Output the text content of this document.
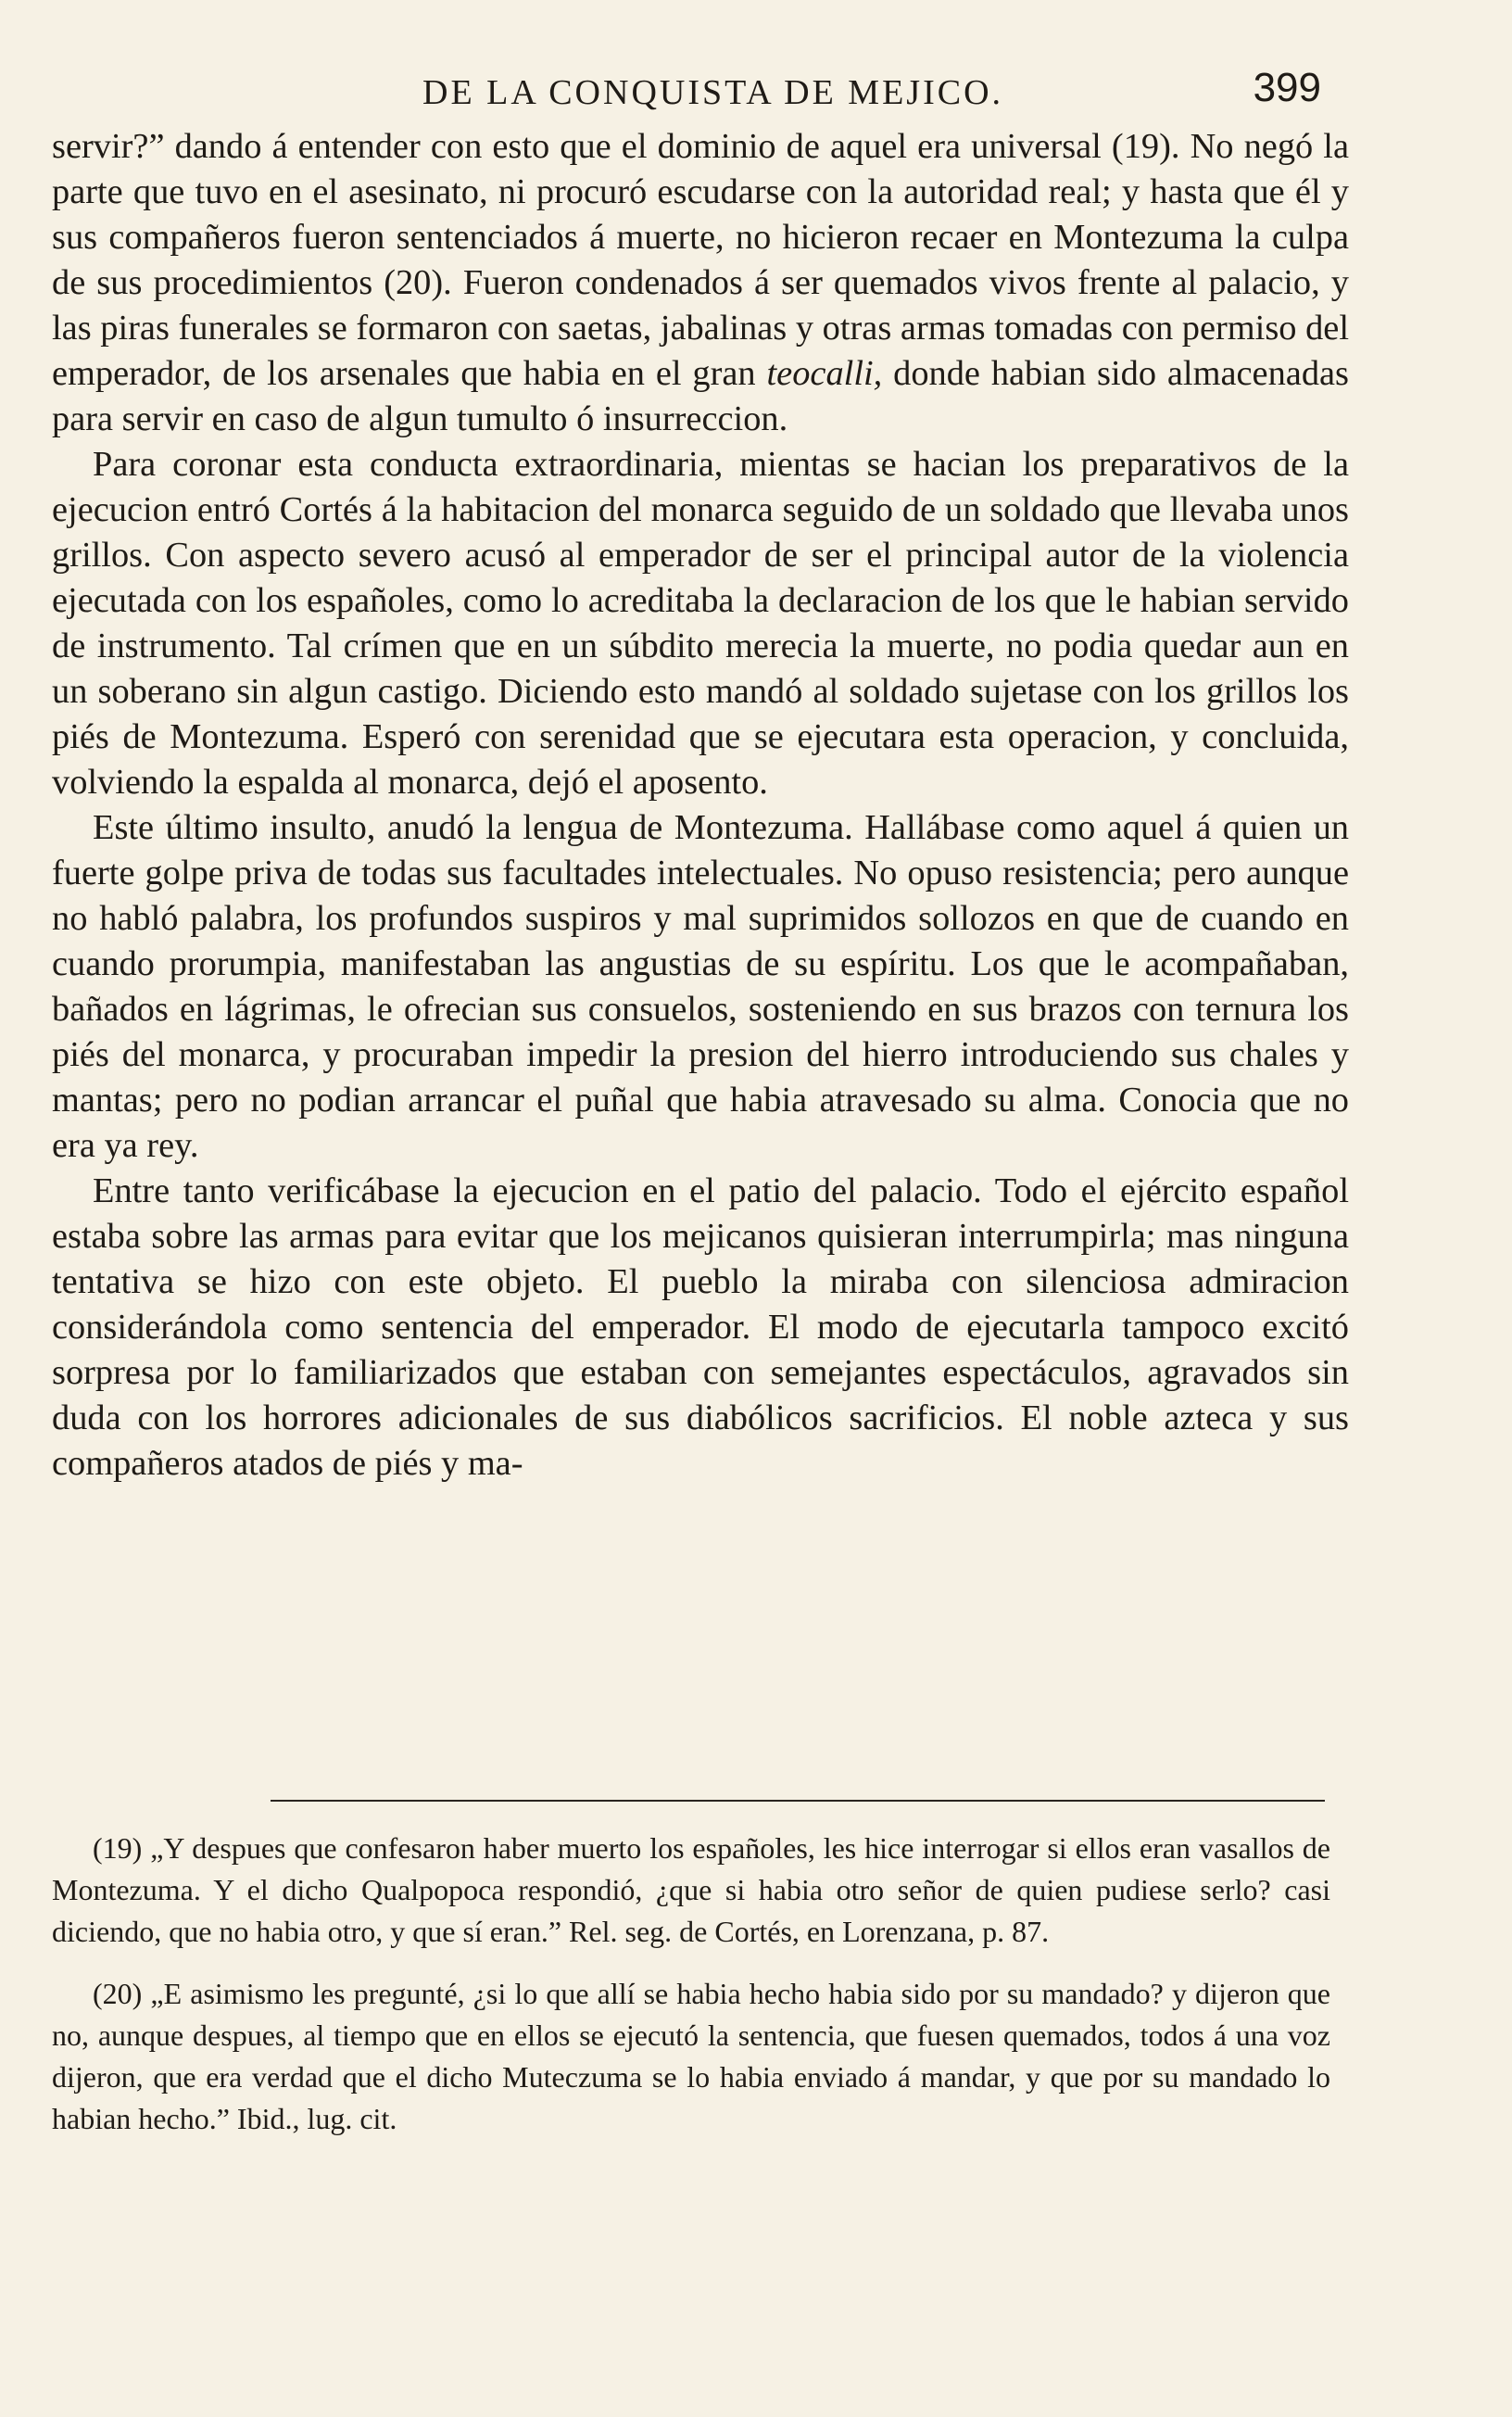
DE LA CONQUISTA DE MEJICO.	399

servir?” dando á entender con esto que el dominio de aquel era universal (19). No negó la parte que tuvo en el asesinato, ni procuró escudarse con la autoridad real; y hasta que él y sus compañeros fueron sentenciados á muerte, no hicieron recaer en Montezuma la culpa de sus procedimientos (20). Fueron condenados á ser quemados vivos frente al palacio, y las piras funerales se formaron con saetas, jabalinas y otras armas tomadas con permiso del emperador, de los arsenales que habia en el gran teocalli, donde habian sido almacenadas para servir en caso de algun tumulto ó insurreccion.

Para coronar esta conducta extraordinaria, mientas se hacian los preparativos de la ejecucion entró Cortés á la habitacion del monarca seguido de un soldado que llevaba unos grillos. Con aspecto severo acusó al emperador de ser el principal autor de la violencia ejecutada con los españoles, como lo acreditaba la declaracion de los que le habian servido de instrumento. Tal crímen que en un súbdito merecia la muerte, no podia quedar aun en un soberano sin algun castigo. Diciendo esto mandó al soldado sujetase con los grillos los piés de Montezuma. Esperó con serenidad que se ejecutara esta operacion, y concluida, volviendo la espalda al monarca, dejó el aposento.

Este último insulto, anudó la lengua de Montezuma. Hallábase como aquel á quien un fuerte golpe priva de todas sus facultades intelectuales. No opuso resistencia; pero aunque no habló palabra, los profundos suspiros y mal suprimidos sollozos en que de cuando en cuando prorumpia, manifestaban las angustias de su espíritu. Los que le acompañaban, bañados en lágrimas, le ofrecian sus consuelos, sosteniendo en sus brazos con ternura los piés del monarca, y procuraban impedir la presion del hierro introduciendo sus chales y mantas; pero no podian arrancar el puñal que habia atravesado su alma. Conocia que no era ya rey.

Entre tanto verificábase la ejecucion en el patio del palacio. Todo el ejército español estaba sobre las armas para evitar que los mejicanos quisieran interrumpirla; mas ninguna tentativa se hizo con este objeto. El pueblo la miraba con silenciosa admiracion considerándola como sentencia del emperador. El modo de ejecutarla tampoco excitó sorpresa por lo familiarizados que estaban con semejantes espectáculos, agravados sin duda con los horrores adicionales de sus diabólicos sacrificios. El noble azteca y sus compañeros atados de piés y ma-

(19) „Y despues que confesaron haber muerto los españoles, les hice interrogar si ellos eran vasallos de Montezuma. Y el dicho Qualpopoca respondió, ¿que si habia otro señor de quien pudiese serlo? casi diciendo, que no habia otro, y que sí eran.” Rel. seg. de Cortés, en Lorenzana, p. 87.

(20) „E asimismo les pregunté, ¿si lo que allí se habia hecho habia sido por su mandado? y dijeron que no, aunque despues, al tiempo que en ellos se ejecutó la sentencia, que fuesen quemados, todos á una voz dijeron, que era verdad que el dicho Muteczuma se lo habia enviado á mandar, y que por su mandado lo habian hecho.” Ibid., lug. cit.
